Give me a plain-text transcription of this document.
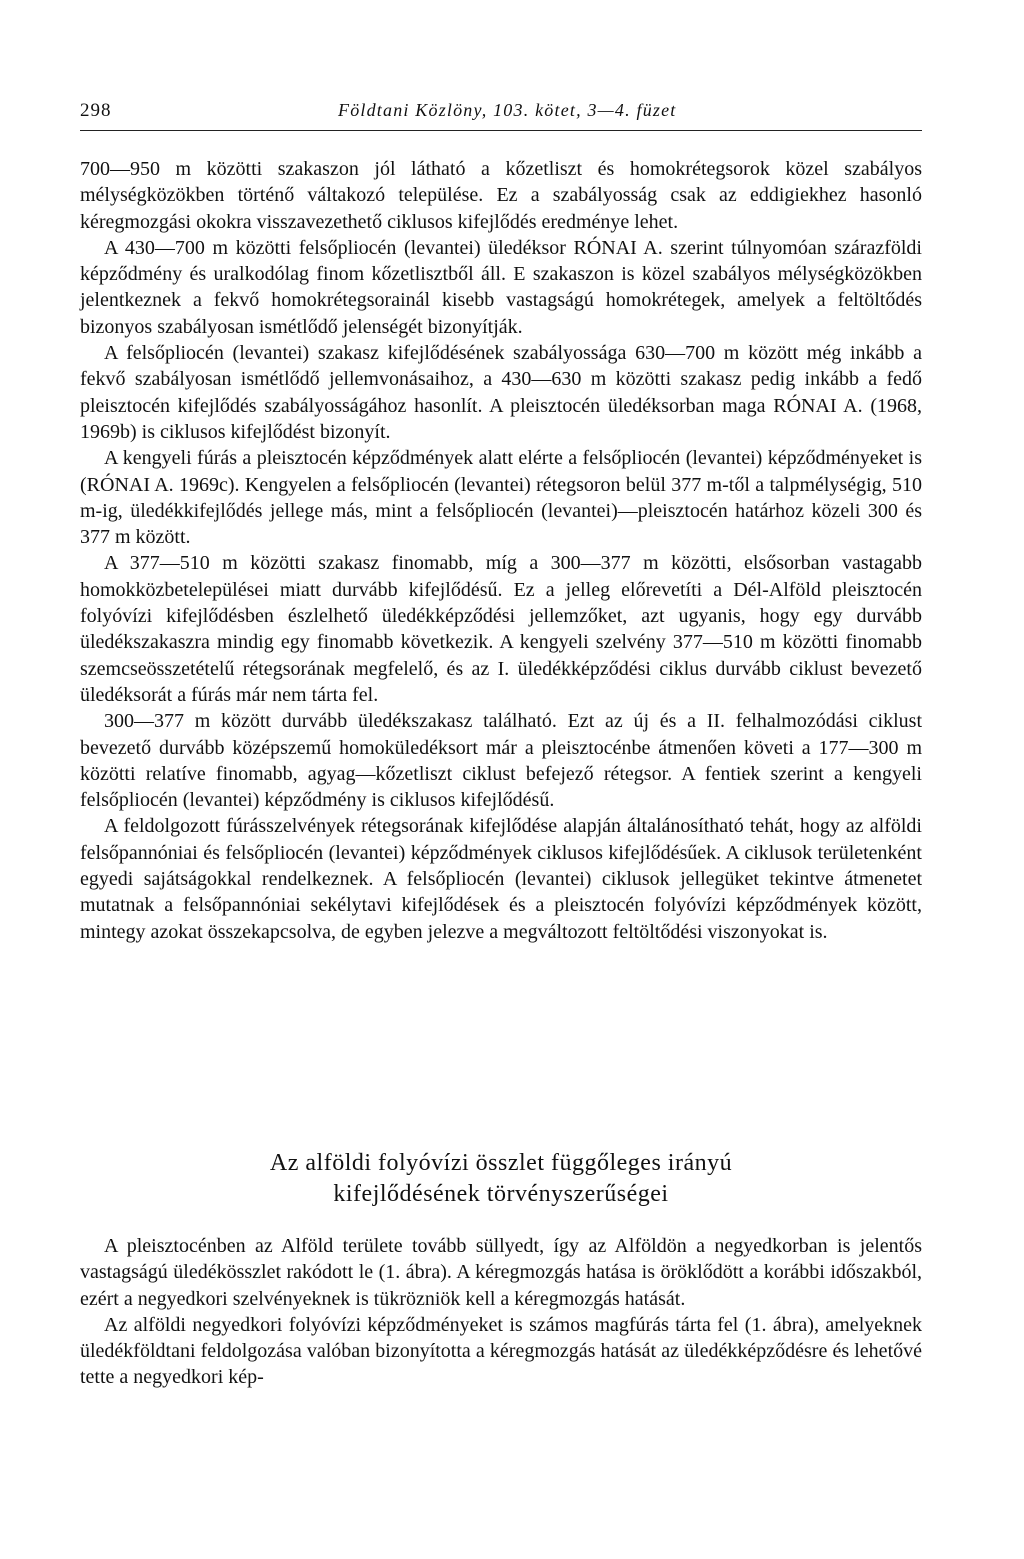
298	Földtani Közlöny, 103. kötet, 3—4. füzet

700—950 m közötti szakaszon jól látható a kőzetliszt és homokrétegsorok közel szabályos mélységközökben történő váltakozó települése. Ez a szabályosság csak az eddigiekhez hasonló kéregmozgási okokra visszavezethető ciklusos kifejlődés eredménye lehet.

A 430—700 m közötti felsőpliocén (levantei) üledéksor RÓNAI A. szerint túlnyomóan szárazföldi képződmény és uralkodólag finom kőzetlisztből áll. E szakaszon is közel szabályos mélységközökben jelentkeznek a fekvő homokrétegsorainál kisebb vastagságú homokrétegek, amelyek a feltöltődés bizonyos szabályosan ismétlődő jelenségét bizonyítják.

A felsőpliocén (levantei) szakasz kifejlődésének szabályossága 630—700 m között még inkább a fekvő szabályosan ismétlődő jellemvonásaihoz, a 430—630 m közötti szakasz pedig inkább a fedő pleisztocén kifejlődés szabályosságához hasonlít. A pleisztocén üledéksorban maga RÓNAI A. (1968, 1969b) is ciklusos kifejlődést bizonyít.

A kengyeli fúrás a pleisztocén képződmények alatt elérte a felsőpliocén (levantei) képződményeket is (RÓNAI A. 1969c). Kengyelen a felsőpliocén (levantei) rétegsoron belül 377 m-től a talpmélységig, 510 m-ig, üledékkifejlődés jellege más, mint a felsőpliocén (levantei)—pleisztocén határhoz közeli 300 és 377 m között.

A 377—510 m közötti szakasz finomabb, míg a 300—377 m közötti, elsősorban vastagabb homokközbetelepülései miatt durvább kifejlődésű. Ez a jelleg előrevetíti a Dél-Alföld pleisztocén folyóvízi kifejlődésben észlelhető üledékképződési jellemzőket, azt ugyanis, hogy egy durvább üledékszakaszra mindig egy finomabb következik. A kengyeli szelvény 377—510 m közötti finomabb szemcseösszetételű rétegsorának megfelelő, és az I. üledékképződési ciklus durvább ciklust bevezető üledéksorát a fúrás már nem tárta fel.

300—377 m között durvább üledékszakasz található. Ezt az új és a II. felhalmozódási ciklust bevezető durvább középszemű homoküledéksort már a pleisztocénbe átmenően követi a 177—300 m közötti relatíve finomabb, agyag—kőzetliszt ciklust befejező rétegsor. A fentiek szerint a kengyeli felsőpliocén (levantei) képződmény is ciklusos kifejlődésű.

A feldolgozott fúrásszelvények rétegsorának kifejlődése alapján általánosítható tehát, hogy az alföldi felsőpannóniai és felsőpliocén (levantei) képződmények ciklusos kifejlődésűek. A ciklusok területenként egyedi sajátságokkal rendelkeznek. A felsőpliocén (levantei) ciklusok jellegüket tekintve átmenetet mutatnak a felsőpannóniai sekélytavi kifejlődések és a pleisztocén folyóvízi képződmények között, mintegy azokat összekapcsolva, de egyben jelezve a megváltozott feltöltődési viszonyokat is.

Az alföldi folyóvízi összlet függőleges irányú
kifejlődésének törvényszerűségei

A pleisztocénben az Alföld területe tovább süllyedt, így az Alföldön a negyedkorban is jelentős vastagságú üledékösszlet rakódott le (1. ábra). A kéregmozgás hatása is öröklődött a korábbi időszakból, ezért a negyedkori szelvényeknek is tükrözniök kell a kéregmozgás hatását.

Az alföldi negyedkori folyóvízi képződményeket is számos magfúrás tárta fel (1. ábra), amelyeknek üledékföldtani feldolgozása valóban bizonyította a kéregmozgás hatását az üledékképződésre és lehetővé tette a negyedkori kép-
